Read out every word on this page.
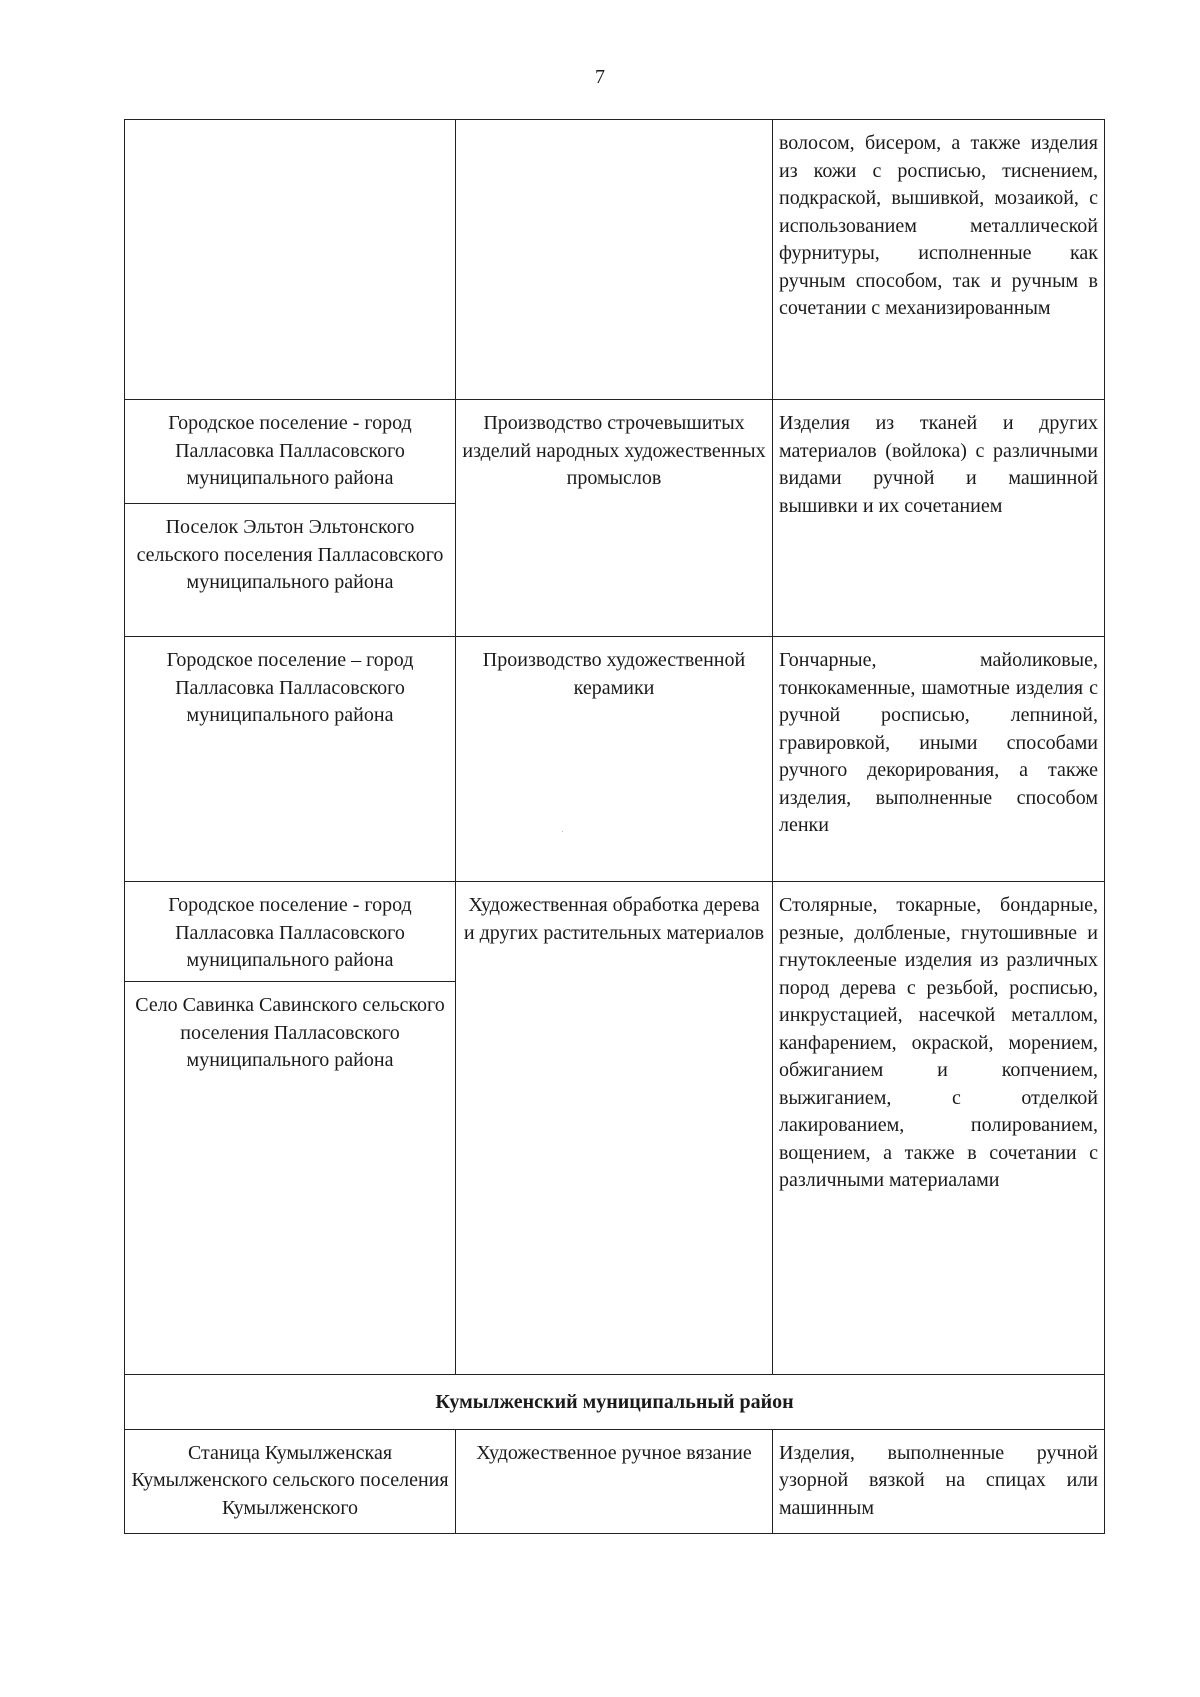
7
		волосом, бисером, а также изделия из кожи с росписью, тиснением, подкраской, вышивкой, мозаикой, с использованием металлической фурнитуры, исполненные как ручным способом, так и ручным в сочетании с механизированным
Городское поселение - город Палласовка Палласовского муниципального района	Производство строчевышитых изделий народных художественных промыслов	Изделия из тканей и других материалов (войлока) с различными видами ручной и машинной вышивки и их сочетанием
Поселок Эльтон Эльтонского сельского поселения Палласовского муниципального района		
Городское поселение – город Палласовка Палласовского муниципального района	Производство художественной керамики	Гончарные, майоликовые, тонкокаменные, шамотные изделия с ручной росписью, лепниной, гравировкой, иными способами ручного декорирования, а также изделия, выполненные способом ленки
Городское поселение - город Палласовка Палласовского муниципального района	Художественная обработка дерева и других растительных материалов	Столярные, токарные, бондарные, резные, долбленые, гнутошивные и гнутоклееные изделия из различных пород дерева с резьбой, росписью, инкрустацией, насечкой металлом, канфарением, окраской, морением, обжиганием и копчением, выжиганием, с отделкой лакированием, полированием, вощением, а также в сочетании с различными материалами
Село Савинка Савинского сельского поселения Палласовского муниципального района		
Кумылженский муниципальный район		
Станица Кумылженская Кумылженского сельского поселения Кумылженского	Художественное ручное вязание	Изделия, выполненные ручной узорной вязкой на спицах или машинным
